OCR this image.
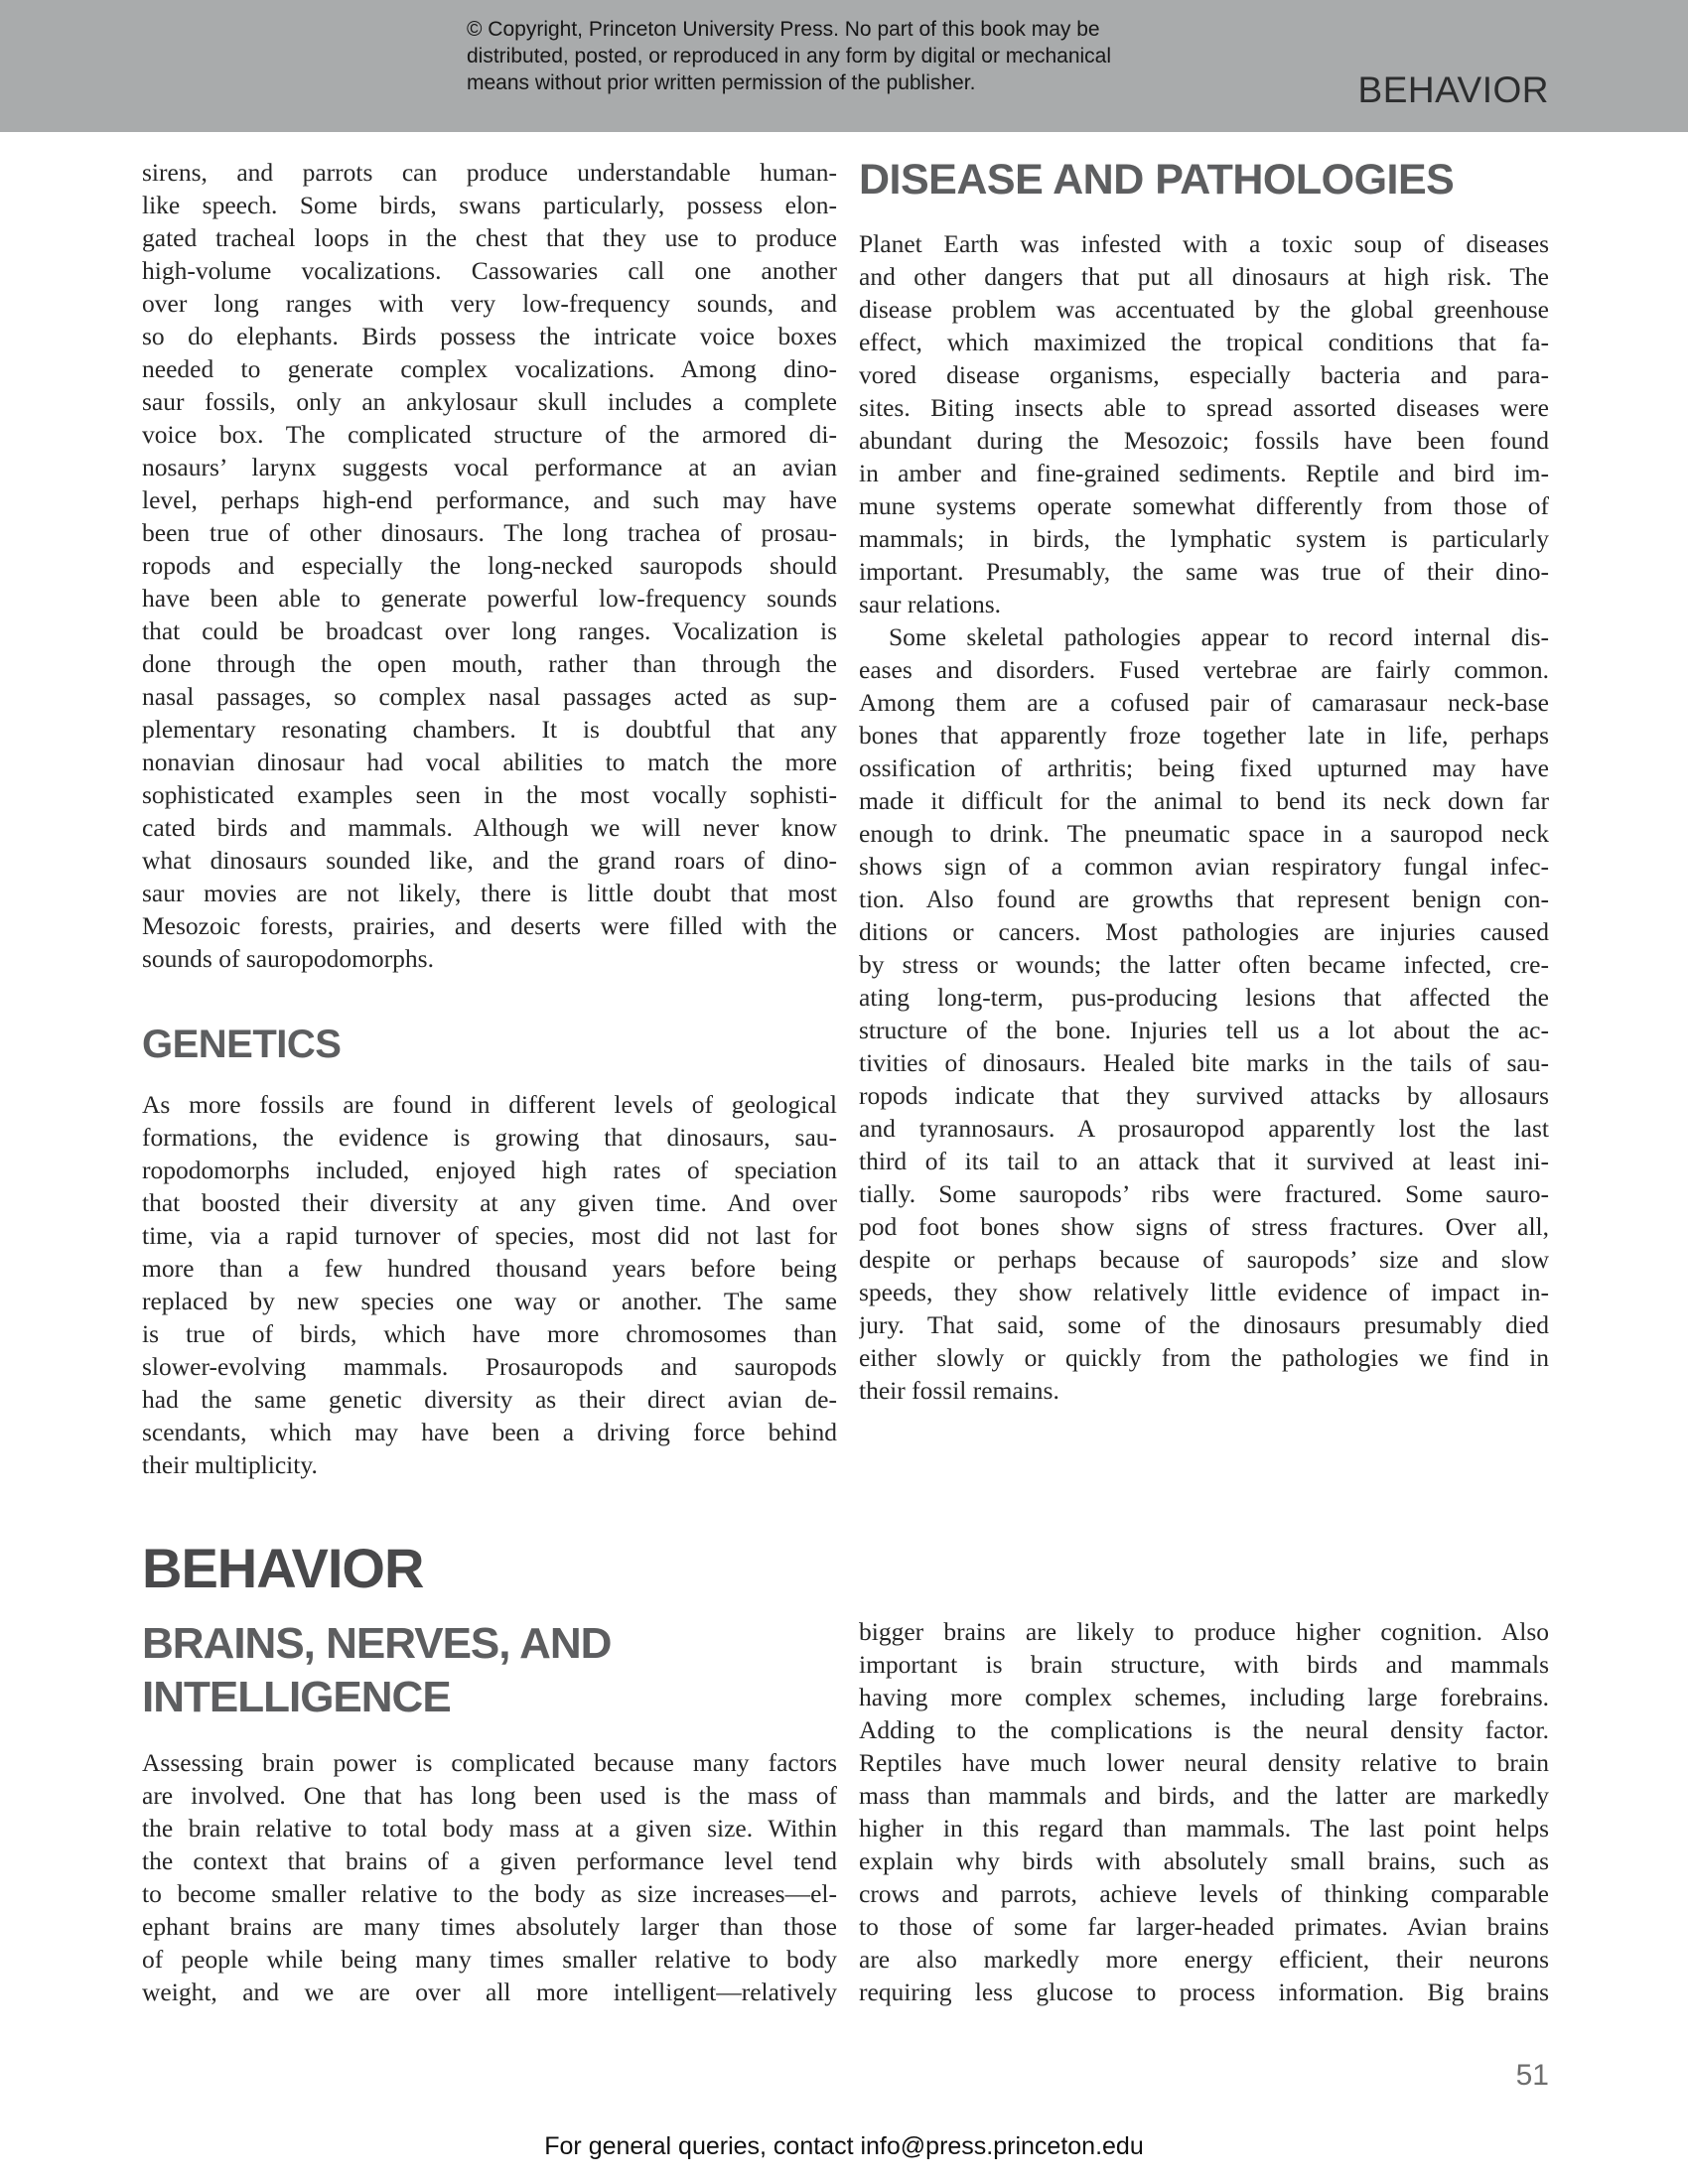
© Copyright, Princeton University Press. No part of this book may be
distributed, posted, or reproduced in any form by digital or mechanical
means without prior written permission of the publisher.	BEHAVIOR
sirens, and parrots can produce understandable human-
like speech. Some birds, swans particularly, possess elon-
gated tracheal loops in the chest that they use to produce
high-volume vocalizations. Cassowaries call one another
over long ranges with very low-frequency sounds, and
so do elephants. Birds possess the intricate voice boxes
needed to generate complex vocalizations. Among dino-
saur fossils, only an ankylosaur skull includes a complete
voice box. The complicated structure of the armored di-
nosaurs’ larynx suggests vocal performance at an avian
level, perhaps high-end performance, and such may have
been true of other dinosaurs. The long trachea of prosau-
ropods and especially the long-necked sauropods should
have been able to generate powerful low-frequency sounds
that could be broadcast over long ranges. Vocalization is
done through the open mouth, rather than through the
nasal passages, so complex nasal passages acted as sup-
plementary resonating chambers. It is doubtful that any
nonavian dinosaur had vocal abilities to match the more
sophisticated examples seen in the most vocally sophisti-
cated birds and mammals. Although we will never know
what dinosaurs sounded like, and the grand roars of dino-
saur movies are not likely, there is little doubt that most
Mesozoic forests, prairies, and deserts were filled with the
sounds of sauropodomorphs.
GENETICS
As more fossils are found in different levels of geological
formations, the evidence is growing that dinosaurs, sau-
ropodomorphs included, enjoyed high rates of speciation
that boosted their diversity at any given time. And over
time, via a rapid turnover of species, most did not last for
more than a few hundred thousand years before being
replaced by new species one way or another. The same
is true of birds, which have more chromosomes than
slower-evolving mammals. Prosauropods and sauropods
had the same genetic diversity as their direct avian de-
scendants, which may have been a driving force behind
their multiplicity.
BEHAVIOR
BRAINS, NERVES, AND
INTELLIGENCE
Assessing brain power is complicated because many factors
are involved. One that has long been used is the mass of
the brain relative to total body mass at a given size. Within
the context that brains of a given performance level tend
to become smaller relative to the body as size increases—el-
ephant brains are many times absolutely larger than those
of people while being many times smaller relative to body
weight, and we are over all more intelligent—relatively
DISEASE AND PATHOLOGIES
Planet Earth was infested with a toxic soup of diseases
and other dangers that put all dinosaurs at high risk. The
disease problem was accentuated by the global greenhouse
effect, which maximized the tropical conditions that fa-
vored disease organisms, especially bacteria and para-
sites. Biting insects able to spread assorted diseases were
abundant during the Mesozoic; fossils have been found
in amber and fine-grained sediments. Reptile and bird im-
mune systems operate somewhat differently from those of
mammals; in birds, the lymphatic system is particularly
important. Presumably, the same was true of their dino-
saur relations.
Some skeletal pathologies appear to record internal dis-
eases and disorders. Fused vertebrae are fairly common.
Among them are a cofused pair of camarasaur neck-base
bones that apparently froze together late in life, perhaps
ossification of arthritis; being fixed upturned may have
made it difficult for the animal to bend its neck down far
enough to drink. The pneumatic space in a sauropod neck
shows sign of a common avian respiratory fungal infec-
tion. Also found are growths that represent benign con-
ditions or cancers. Most pathologies are injuries caused
by stress or wounds; the latter often became infected, cre-
ating long-term, pus-producing lesions that affected the
structure of the bone. Injuries tell us a lot about the ac-
tivities of dinosaurs. Healed bite marks in the tails of sau-
ropods indicate that they survived attacks by allosaurs
and tyrannosaurs. A prosauropod apparently lost the last
third of its tail to an attack that it survived at least ini-
tially. Some sauropods’ ribs were fractured. Some sauro-
pod foot bones show signs of stress fractures. Over all,
despite or perhaps because of sauropods’ size and slow
speeds, they show relatively little evidence of impact in-
jury. That said, some of the dinosaurs presumably died
either slowly or quickly from the pathologies we find in
their fossil remains.
bigger brains are likely to produce higher cognition. Also
important is brain structure, with birds and mammals
having more complex schemes, including large forebrains.
Adding to the complications is the neural density factor.
Reptiles have much lower neural density relative to brain
mass than mammals and birds, and the latter are markedly
higher in this regard than mammals. The last point helps
explain why birds with absolutely small brains, such as
crows and parrots, achieve levels of thinking comparable
to those of some far larger-headed primates. Avian brains
are also markedly more energy efficient, their neurons
requiring less glucose to process information. Big brains
51
For general queries, contact info@press.princeton.edu
